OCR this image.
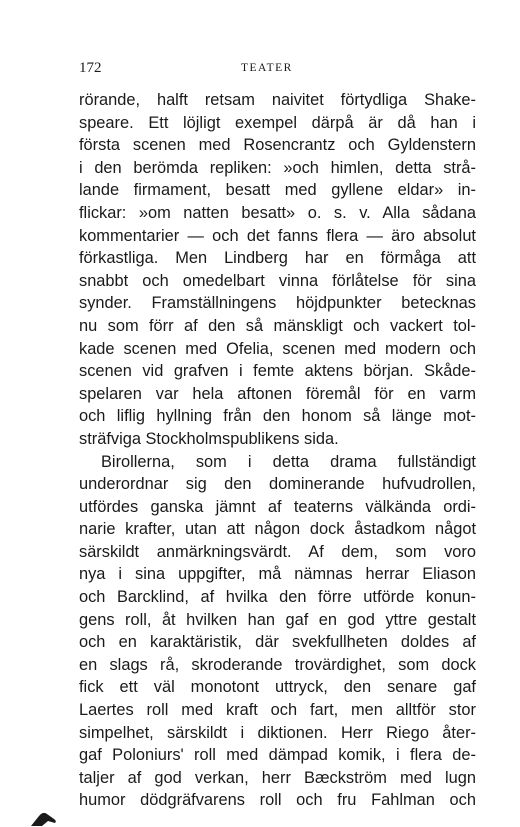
172	TEATER
rörande, halft retsam naivitet förtydliga Shake-
speare. Ett löjligt exempel därpå är då han i
första scenen med Rosencrantz och Gyldenstern
i den berömda repliken: »och himlen, detta strå-
lande firmament, besatt med gyllene eldar» in-
flickar: »om natten besatt» o. s. v. Alla sådana
kommentarier — och det fanns flera — äro absolut
förkastliga. Men Lindberg har en förmåga att
snabbt och omedelbart vinna förlåtelse för sina
synder. Framställningens höjdpunkter betecknas
nu som förr af den så mänskligt och vackert tol-
kade scenen med Ofelia, scenen med modern och
scenen vid grafven i femte aktens början. Skåde-
spelaren var hela aftonen föremål för en varm
och liflig hyllning från den honom så länge mot-
sträfviga Stockholmspublikens sida.
Birollerna, som i detta drama fullständigt
underordnar sig den dominerande hufvudrollen,
utfördes ganska jämnt af teaterns välkända ordi-
narie krafter, utan att någon dock åstadkom något
särskildt anmärkningsvärdt. Af dem, som voro
nya i sina uppgifter, må nämnas herrar Eliason
och Barcklind, af hvilka den förre utförde konun-
gens roll, åt hvilken han gaf en god yttre gestalt
och en karaktäristik, där svekfullheten doldes af
en slags rå, skroderande trovärdighet, som dock
fick ett väl monotont uttryck, den senare gaf
Laertes roll med kraft och fart, men alltför stor
simpelhet, särskildt i diktionen. Herr Riego åter-
gaf Poloniurs' roll med dämpad komik, i flera de-
taljer af god verkan, herr Bæckström med lugn
humor dödgräfvarens roll och fru Fahlman och
